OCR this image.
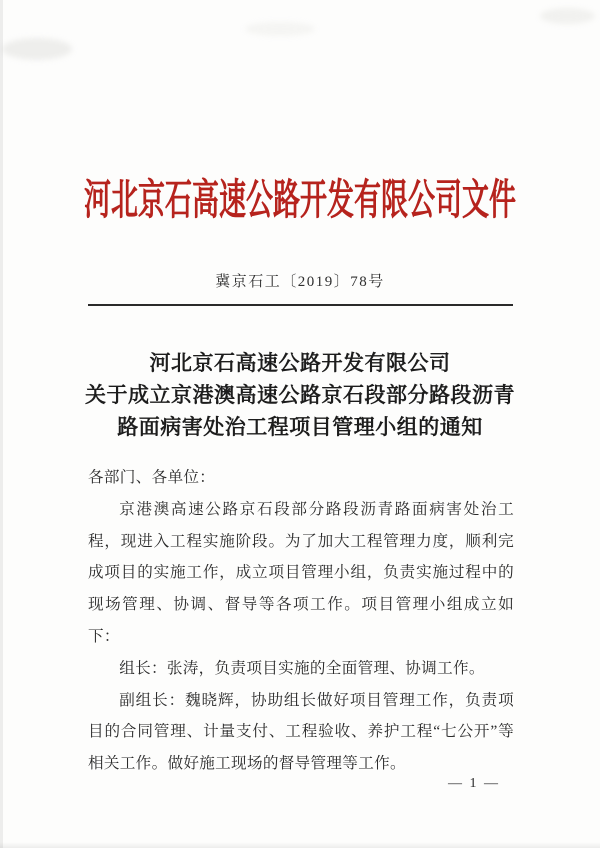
河北京石高速公路开发有限公司文件
冀京石工〔2019〕78号
河北京石高速公路开发有限公司
关于成立京港澳高速公路京石段部分路段沥青
路面病害处治工程项目管理小组的通知

各部门、各单位：

京港澳高速公路京石段部分路段沥青路面病害处治工程，现进入工程实施阶段。为了加大工程管理力度，顺利完成项目的实施工作，成立项目管理小组，负责实施过程中的现场管理、协调、督导等各项工作。项目管理小组成立如下：

组长：张涛，负责项目实施的全面管理、协调工作。

副组长：魏晓辉，协助组长做好项目管理工作，负责项目的合同管理、计量支付、工程验收、养护工程“七公开”等相关工作。做好施工现场的督导管理等工作。

— 1 —
